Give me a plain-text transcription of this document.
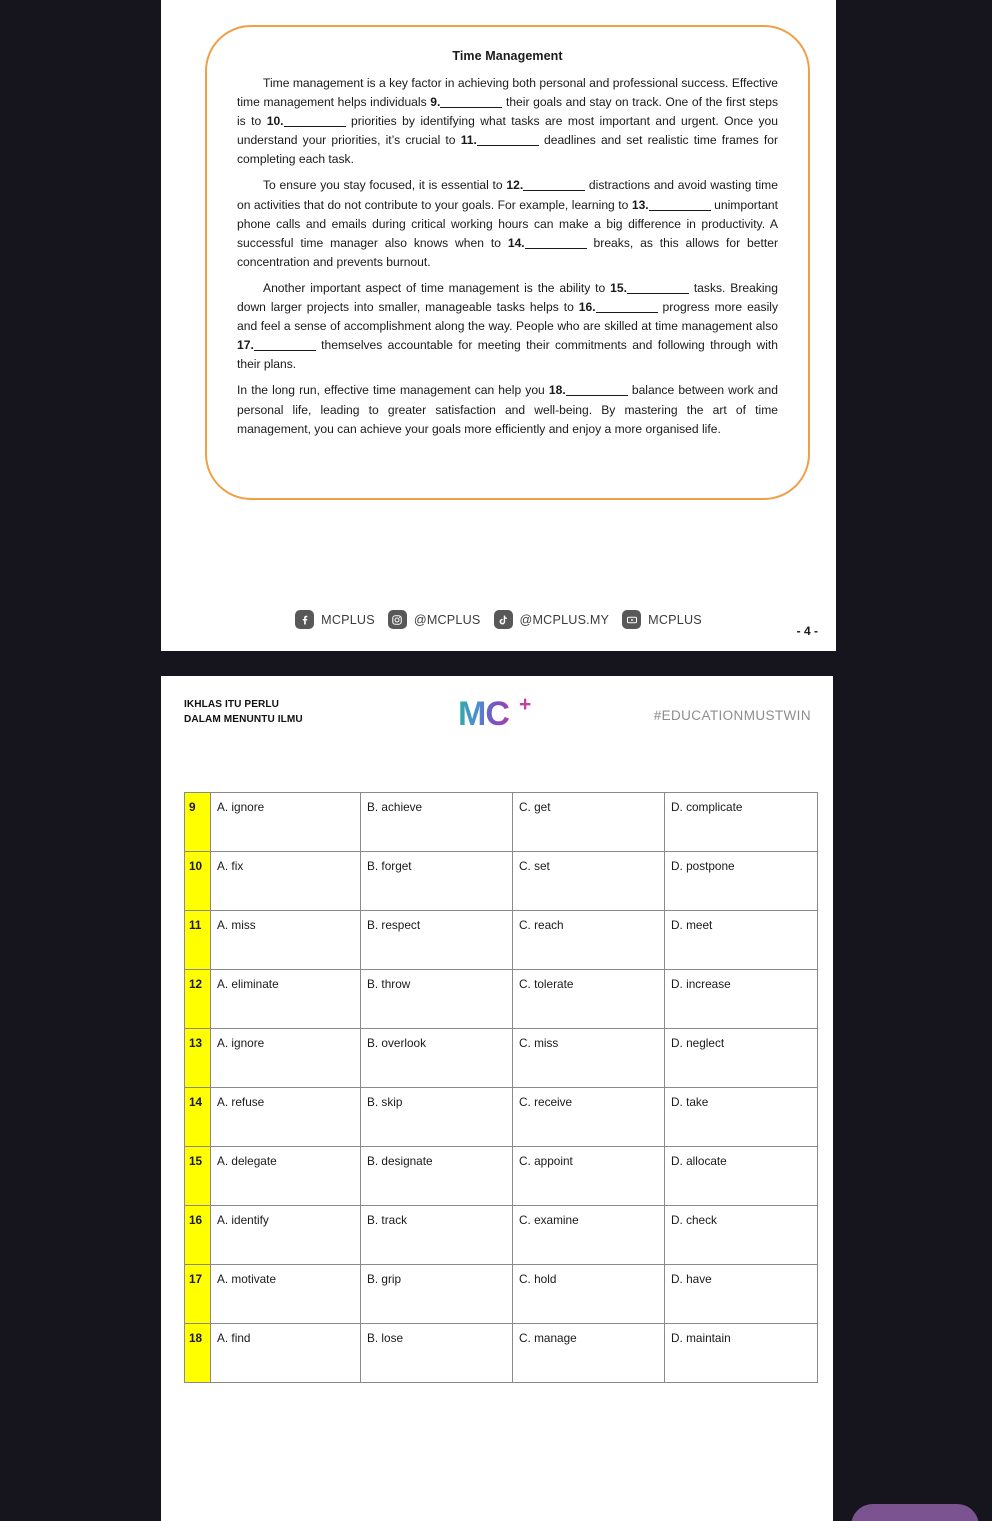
Time Management
Time management is a key factor in achieving both personal and professional success. Effective time management helps individuals 9.	their goals and stay on track. One of the first steps is to 10.	priorities by identifying what tasks are most important and urgent. Once you understand your priorities, it’s crucial to 11.	deadlines and set realistic time frames for completing each task.
To ensure you stay focused, it is essential to 12.	distractions and avoid wasting time on activities that do not contribute to your goals. For example, learning to 13.	unimportant phone calls and emails during critical working hours can make a big difference in productivity. A successful time manager also knows when to 14.	breaks, as this allows for better concentration and prevents burnout.
Another important aspect of time management is the ability to 15.	tasks. Breaking down larger projects into smaller, manageable tasks helps to 16.	progress more easily and feel a sense of accomplishment along the way. People who are skilled at time management also 17.	themselves accountable for meeting their commitments and following through with their plans.
In the long run, effective time management can help you 18.	balance between work and personal life, leading to greater satisfaction and well-being. By mastering the art of time management, you can achieve your goals more efficiently and enjoy a more organised life.
MCPLUS	@MCPLUS	@MCPLUS.MY	MCPLUS
- 4 -
IKHLAS ITU PERLU
DALAM MENUNTU ILMU	MC +	#EDUCATIONMUSTWIN
9	A. ignore	B. achieve	C. get	D. complicate
10	A. fix	B. forget	C. set	D. postpone
11	A. miss	B. respect	C. reach	D. meet
12	A. eliminate	B. throw	C. tolerate	D. increase
13	A. ignore	B. overlook	C. miss	D. neglect
14	A. refuse	B. skip	C. receive	D. take
15	A. delegate	B. designate	C. appoint	D. allocate
16	A. identify	B. track	C. examine	D. check
17	A. motivate	B. grip	C. hold	D. have
18	A. find	B. lose	C. manage	D. maintain
